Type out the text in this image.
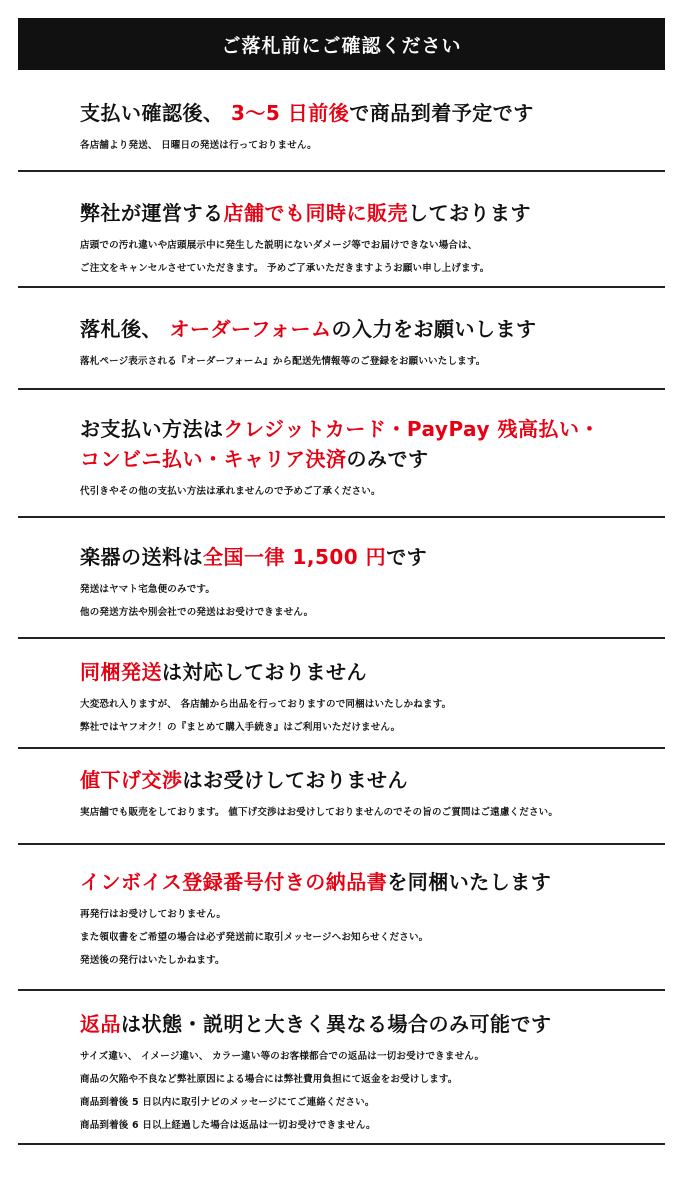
ご落札前にご確認ください
支払い確認後、 3〜5 日前後で商品到着予定です
各店舗より発送、 日曜日の発送は行っておりません。
弊社が運営する店舗でも同時に販売しております
店頭での汚れ違いや店頭展示中に発生した説明にないダメージ等でお届けできない場合は、
ご注文をキャンセルさせていただきます。 予めご了承いただきますようお願い申し上げます。
落札後、 オーダーフォームの入力をお願いします
落札ページ表示される『オーダーフォーム』から配送先情報等のご登録をお願いいたします。
お支払い方法はクレジットカード・PayPay 残高払い・
コンビニ払い・キャリア決済のみです
代引きやその他の支払い方法は承れませんので予めご了承ください。
楽器の送料は全国一律 1,500 円です
発送はヤマト宅急便のみです。
他の発送方法や別会社での発送はお受けできません。
同梱発送は対応しておりません
大変恐れ入りますが、 各店舗から出品を行っておりますので同梱はいたしかねます。
弊社ではヤフオク！の『まとめて購入手続き』はご利用いただけません。
値下げ交渉はお受けしておりません
実店舗でも販売をしております。 値下げ交渉はお受けしておりませんのでその旨のご質問はご遠慮ください。
インボイス登録番号付きの納品書を同梱いたします
再発行はお受けしておりません。
また領収書をご希望の場合は必ず発送前に取引メッセージへお知らせください。
発送後の発行はいたしかねます。
返品は状態・説明と大きく異なる場合のみ可能です
サイズ違い、 イメージ違い、 カラー違い等のお客様都合での返品は一切お受けできません。
商品の欠陥や不良など弊社原因による場合には弊社費用負担にて返金をお受けします。
商品到着後 5 日以内に取引ナビのメッセージにてご連絡ください。
商品到着後 6 日以上経過した場合は返品は一切お受けできません。
